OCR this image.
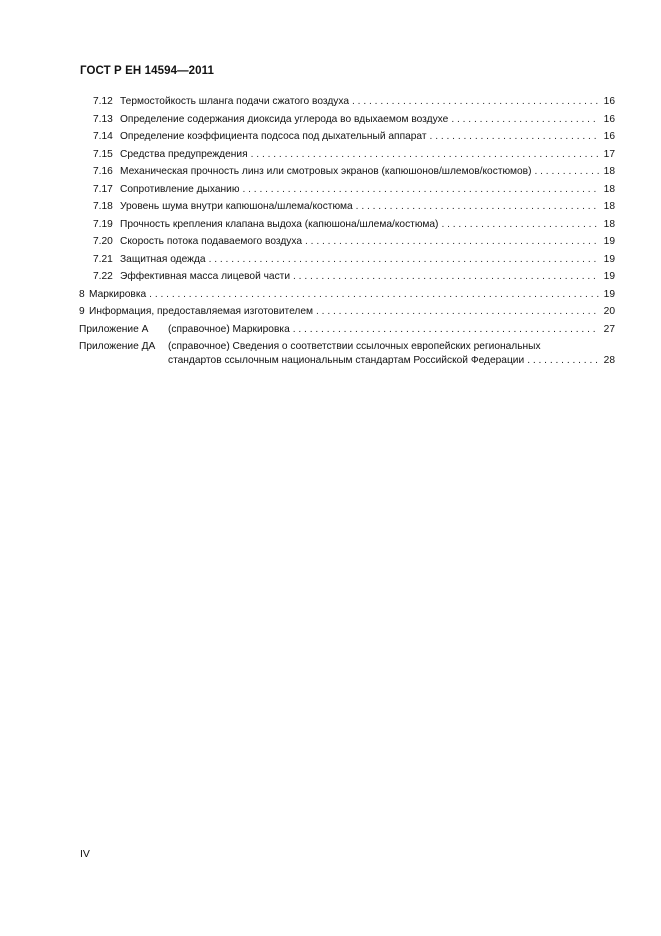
ГОСТ Р ЕН 14594—2011
7.12 Термостойкость шланга подачи сжатого воздуха . . .	16
7.13 Определение содержания диоксида углерода во вдыхаемом воздухе . . .	16
7.14 Определение коэффициента подсоса под дыхательный аппарат . . .	16
7.15 Средства предупреждения . . .	17
7.16 Механическая прочность линз или смотровых экранов (капюшонов/шлемов/костюмов) . . .	18
7.17 Сопротивление дыханию . . .	18
7.18 Уровень шума внутри капюшона/шлема/костюма . . .	18
7.19 Прочность крепления клапана выдоха (капюшона/шлема/костюма) . . .	18
7.20 Скорость потока подаваемого воздуха . . .	19
7.21 Защитная одежда . . .	19
7.22 Эффективная масса лицевой части . . .	19
8 Маркировка . . .	19
9 Информация, предоставляемая изготовителем . . .	20
Приложение А (справочное) Маркировка . . .	27
Приложение ДА (справочное) Сведения о соответствии ссылочных европейских региональных
стандартов ссылочным национальным стандартам Российской Федерации . . .	28
IV
